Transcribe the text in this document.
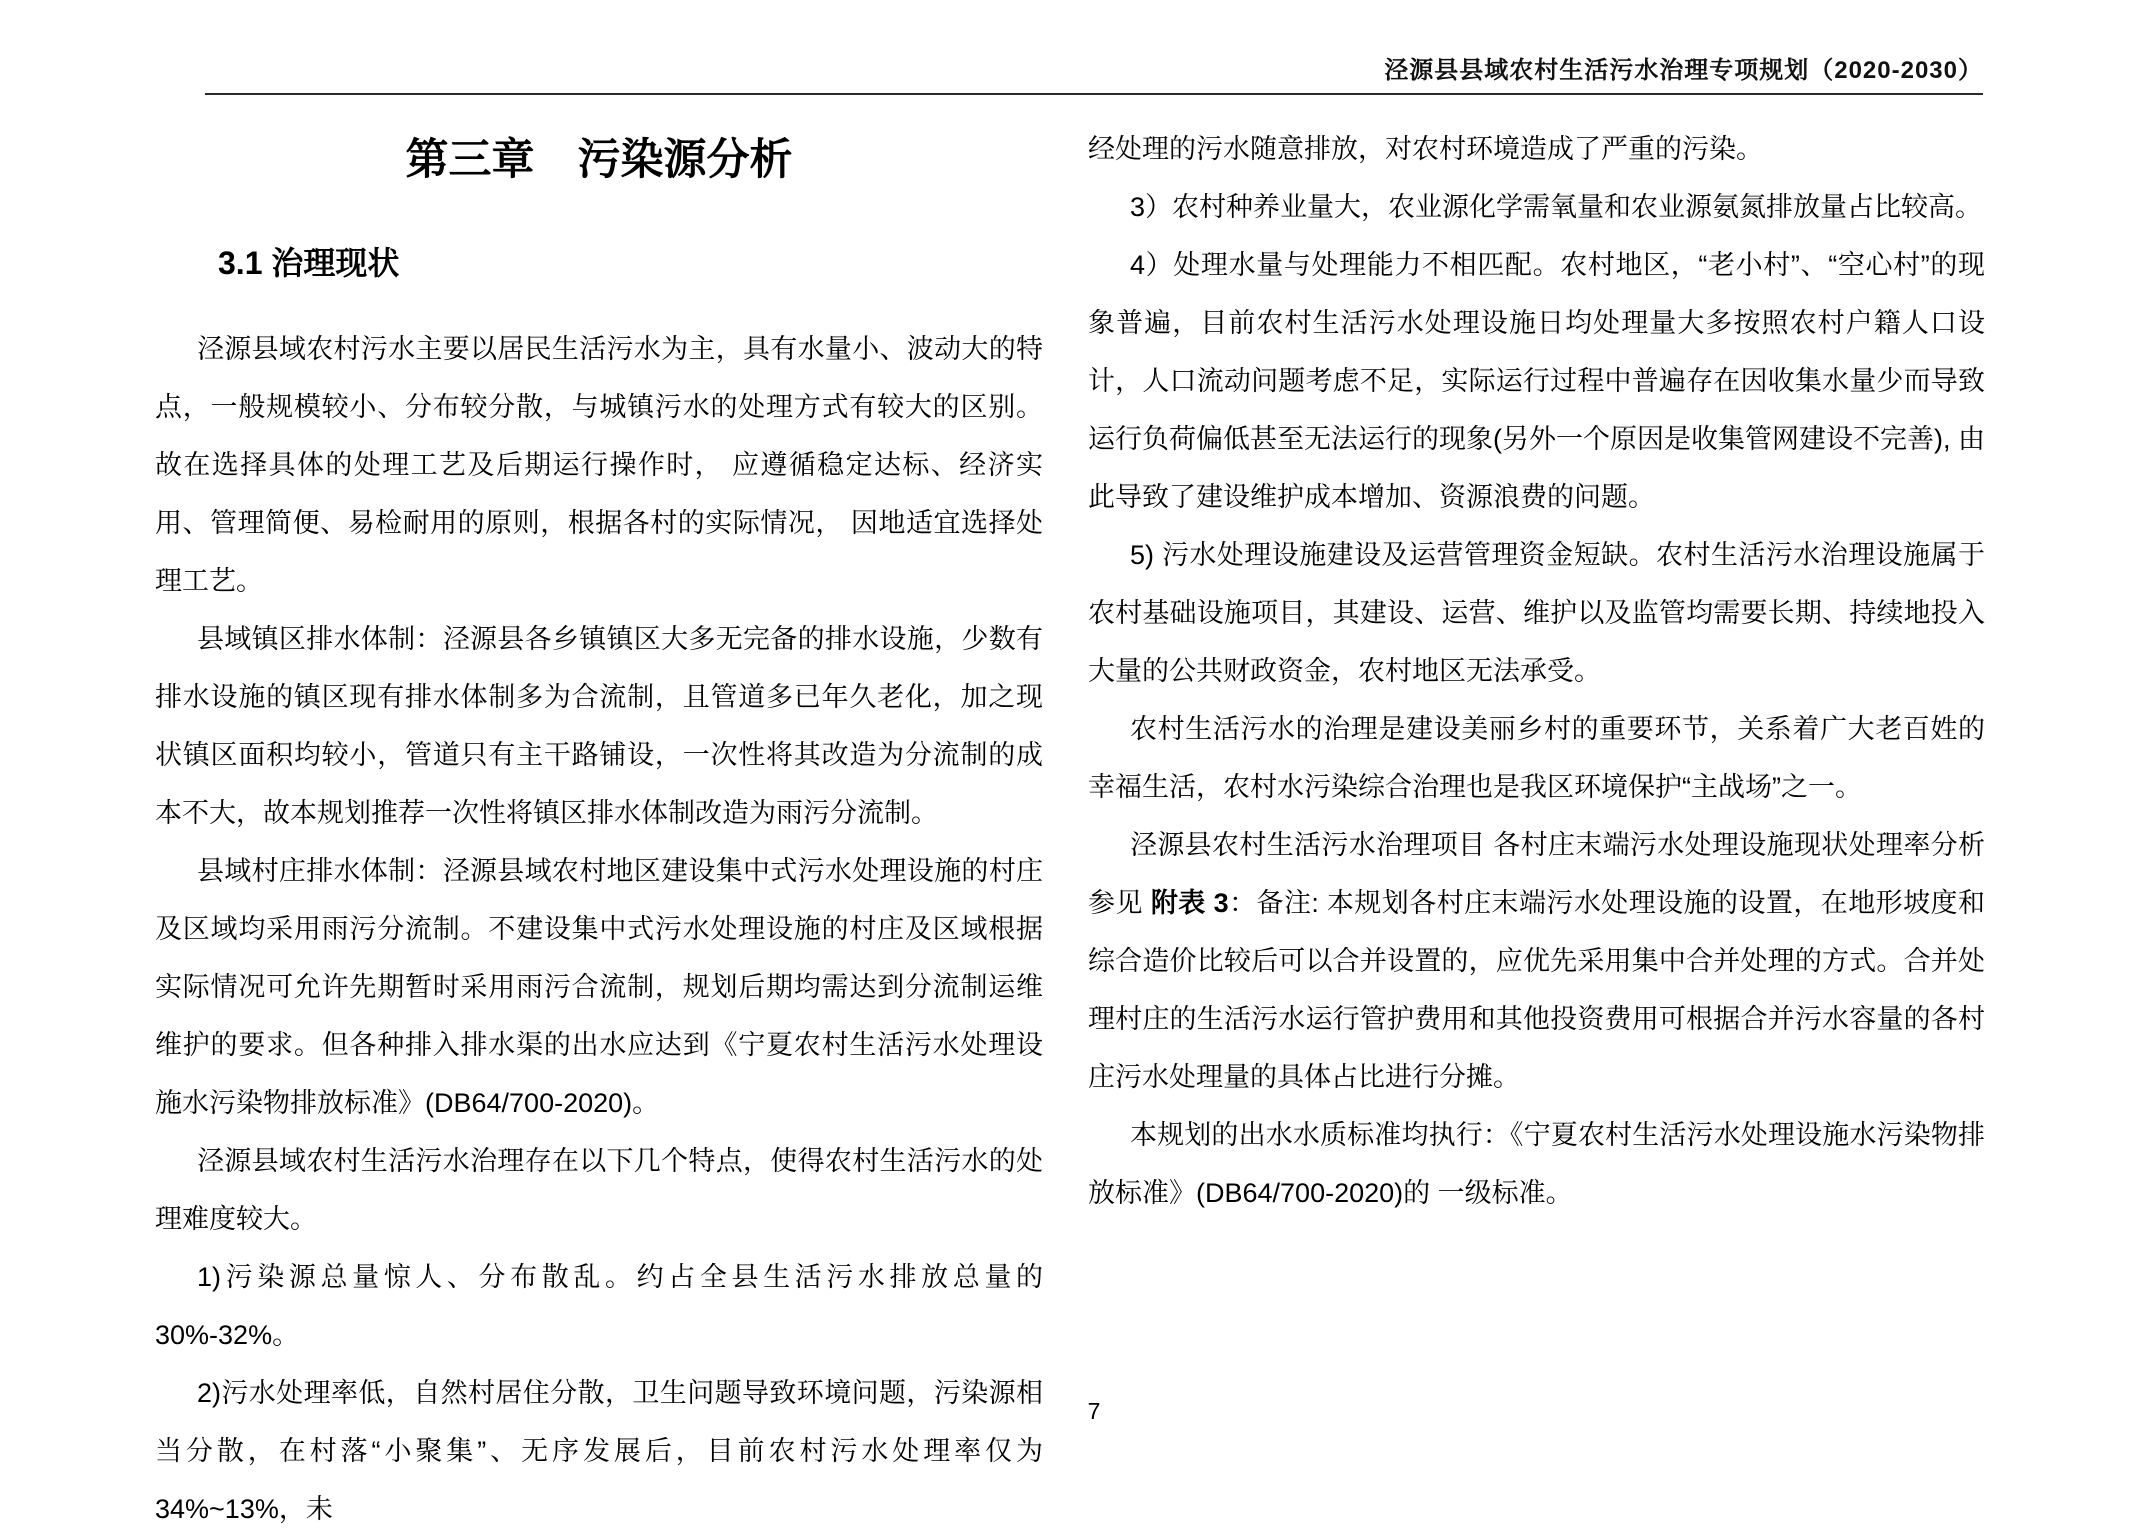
泾源县县域农村生活污水治理专项规划（2020-2030）
第三章　污染源分析
3.1 治理现状

泾源县域农村污水主要以居民生活污水为主，具有水量小、波动大的特点，一般规模较小、分布较分散，与城镇污水的处理方式有较大的区别。故在选择具体的处理工艺及后期运行操作时， 应遵循稳定达标、经济实用、管理简便、易检耐用的原则，根据各村的实际情况， 因地适宜选择处理工艺。

县域镇区排水体制：泾源县各乡镇镇区大多无完备的排水设施，少数有排水设施的镇区现有排水体制多为合流制，且管道多已年久老化，加之现状镇区面积均较小，管道只有主干路铺设，一次性将其改造为分流制的成本不大，故本规划推荐一次性将镇区排水体制改造为雨污分流制。

县域村庄排水体制：泾源县域农村地区建设集中式污水处理设施的村庄及区域均采用雨污分流制。不建设集中式污水处理设施的村庄及区域根据实际情况可允许先期暂时采用雨污合流制，规划后期均需达到分流制运维维护的要求。但各种排入排水渠的出水应达到《宁夏农村生活污水处理设施水污染物排放标准》(DB64/700-2020)。

泾源县域农村生活污水治理存在以下几个特点，使得农村生活污水的处理难度较大。

1)污染源总量惊人、分布散乱。约占全县生活污水排放总量的 30%-32%。

2)污水处理率低，自然村居住分散，卫生问题导致环境问题，污染源相当分散，在村落“小聚集”、无序发展后，目前农村污水处理率仅为 34%~13%，未

经处理的污水随意排放，对农村环境造成了严重的污染。

3）农村种养业量大，农业源化学需氧量和农业源氨氮排放量占比较高。

4）处理水量与处理能力不相匹配。农村地区，“老小村”、“空心村”的现象普遍，目前农村生活污水处理设施日均处理量大多按照农村户籍人口设计，人口流动问题考虑不足，实际运行过程中普遍存在因收集水量少而导致运行负荷偏低甚至无法运行的现象(另外一个原因是收集管网建设不完善), 由此导致了建设维护成本增加、资源浪费的问题。

5) 污水处理设施建设及运营管理资金短缺。农村生活污水治理设施属于农村基础设施项目，其建设、运营、维护以及监管均需要长期、持续地投入大量的公共财政资金，农村地区无法承受。

农村生活污水的治理是建设美丽乡村的重要环节，关系着广大老百姓的幸福生活，农村水污染综合治理也是我区环境保护“主战场”之一。

泾源县农村生活污水治理项目 各村庄末端污水处理设施现状处理率分析参见 附表 3：备注: 本规划各村庄末端污水处理设施的设置，在地形坡度和综合造价比较后可以合并设置的，应优先采用集中合并处理的方式。合并处理村庄的生活污水运行管护费用和其他投资费用可根据合并污水容量的各村庄污水处理量的具体占比进行分摊。

本规划的出水水质标准均执行：《宁夏农村生活污水处理设施水污染物排放标准》(DB64/700-2020)的 一级标准。

7
